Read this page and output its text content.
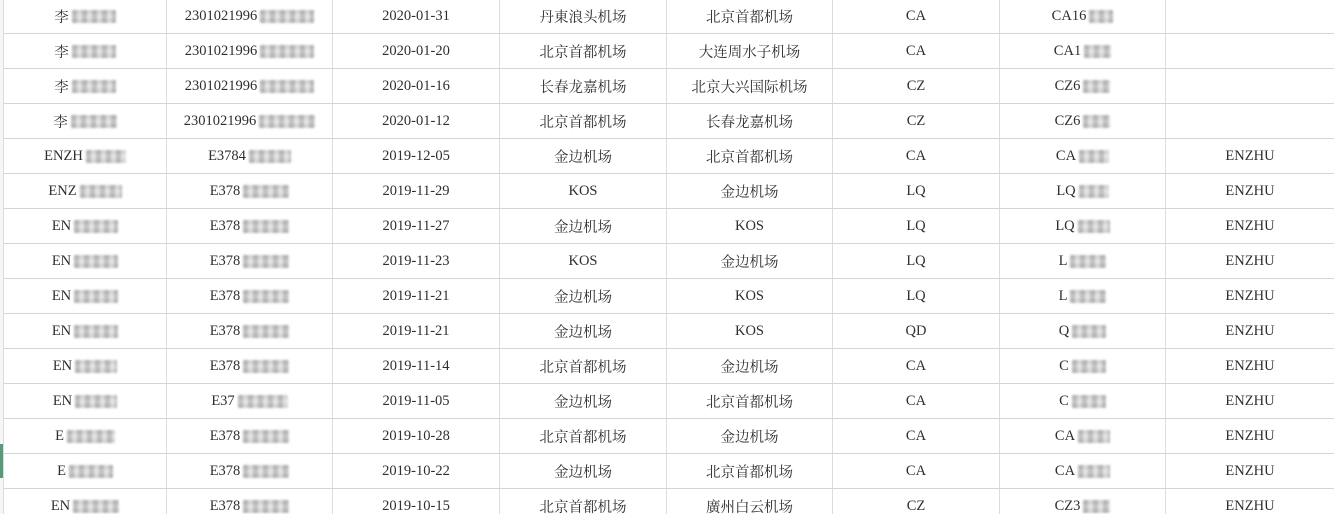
李	2301021996	2020-01-31	丹東浪头机场	北京首都机场	CA	CA16
李	2301021996	2020-01-20	北京首都机场	大连周水子机场	CA	CA1
李	2301021996	2020-01-16	长春龙嘉机场	北京大兴国际机场	CZ	CZ6
李	2301021996	2020-01-12	北京首都机场	长春龙嘉机场	CZ	CZ6
ENZH	E3784	2019-12-05	金边机场	北京首都机场	CA	CA	ENZHU
ENZ	E378	2019-11-29	KOS	金边机场	LQ	LQ	ENZHU
EN	E378	2019-11-27	金边机场	KOS	LQ	LQ	ENZHU
EN	E378	2019-11-23	KOS	金边机场	LQ	L	ENZHU
EN	E378	2019-11-21	金边机场	KOS	LQ	L	ENZHU
EN	E378	2019-11-21	金边机场	KOS	QD	Q	ENZHU
EN	E378	2019-11-14	北京首都机场	金边机场	CA	C	ENZHU
EN	E37	2019-11-05	金边机场	北京首都机场	CA	C	ENZHU
E	E378	2019-10-28	北京首都机场	金边机场	CA	CA	ENZHU
E	E378	2019-10-22	金边机场	北京首都机场	CA	CA	ENZHU
EN	E378	2019-10-15	北京首都机场	廣州白云机场	CZ	CZ3	ENZHU
